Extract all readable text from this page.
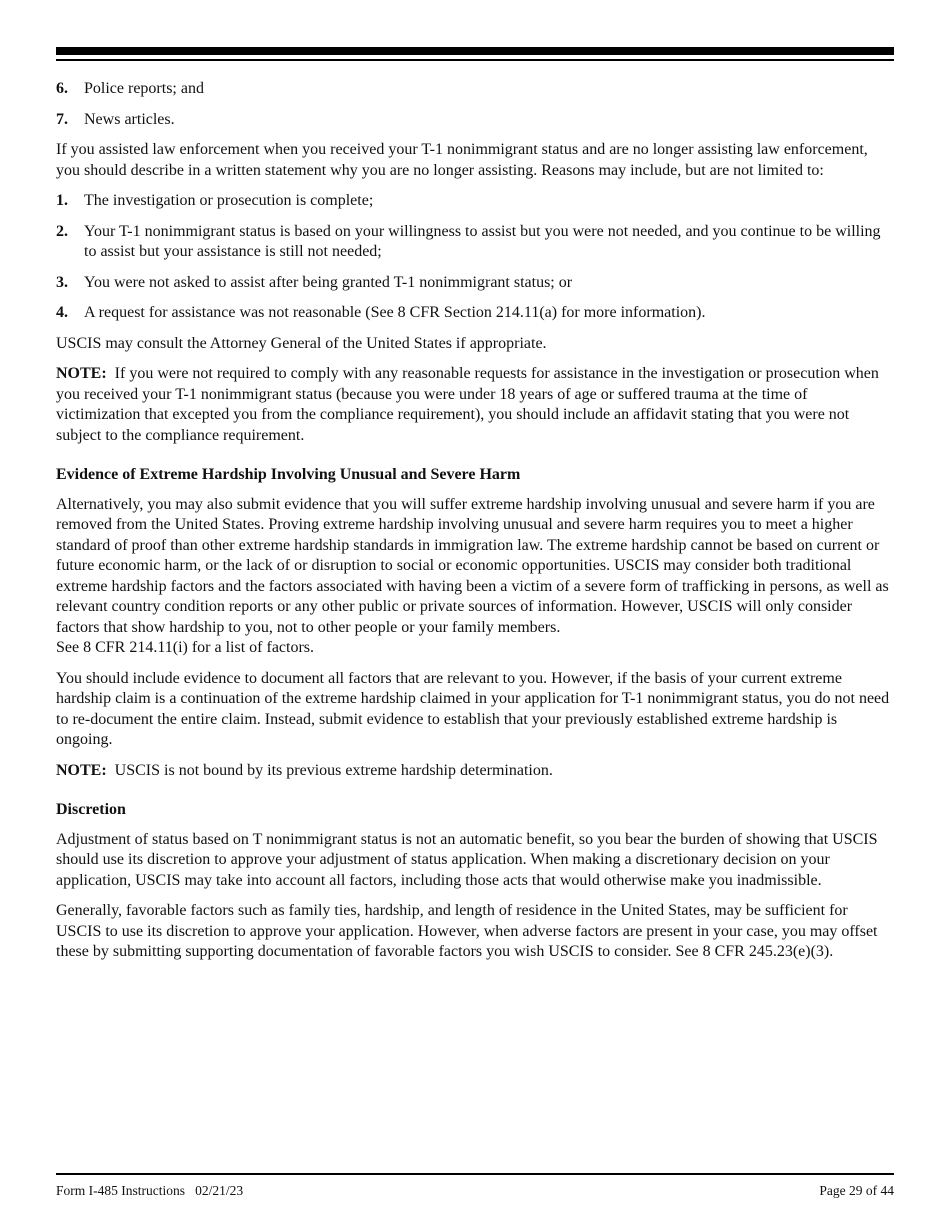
6.	Police reports; and
7.	News articles.

If you assisted law enforcement when you received your T-1 nonimmigrant status and are no longer assisting law enforcement, you should describe in a written statement why you are no longer assisting. Reasons may include, but are not limited to:

1.	The investigation or prosecution is complete;
2.	Your T-1 nonimmigrant status is based on your willingness to assist but you were not needed, and you continue to be willing to assist but your assistance is still not needed;
3.	You were not asked to assist after being granted T-1 nonimmigrant status; or
4.	A request for assistance was not reasonable (See 8 CFR Section 214.11(a) for more information).

USCIS may consult the Attorney General of the United States if appropriate.

NOTE:  If you were not required to comply with any reasonable requests for assistance in the investigation or prosecution when you received your T-1 nonimmigrant status (because you were under 18 years of age or suffered trauma at the time of victimization that excepted you from the compliance requirement), you should include an affidavit stating that you were not subject to the compliance requirement.

Evidence of Extreme Hardship Involving Unusual and Severe Harm

Alternatively, you may also submit evidence that you will suffer extreme hardship involving unusual and severe harm if you are removed from the United States. Proving extreme hardship involving unusual and severe harm requires you to meet a higher standard of proof than other extreme hardship standards in immigration law. The extreme hardship cannot be based on current or future economic harm, or the lack of or disruption to social or economic opportunities. USCIS may consider both traditional extreme hardship factors and the factors associated with having been a victim of a severe form of trafficking in persons, as well as relevant country condition reports or any other public or private sources of information. However, USCIS will only consider factors that show hardship to you, not to other people or your family members.
See 8 CFR 214.11(i) for a list of factors.

You should include evidence to document all factors that are relevant to you. However, if the basis of your current extreme hardship claim is a continuation of the extreme hardship claimed in your application for T-1 nonimmigrant status, you do not need to re-document the entire claim. Instead, submit evidence to establish that your previously established extreme hardship is ongoing.

NOTE:  USCIS is not bound by its previous extreme hardship determination.

Discretion

Adjustment of status based on T nonimmigrant status is not an automatic benefit, so you bear the burden of showing that USCIS should use its discretion to approve your adjustment of status application. When making a discretionary decision on your application, USCIS may take into account all factors, including those acts that would otherwise make you inadmissible.

Generally, favorable factors such as family ties, hardship, and length of residence in the United States, may be sufficient for USCIS to use its discretion to approve your application. However, when adverse factors are present in your case, you may offset these by submitting supporting documentation of favorable factors you wish USCIS to consider. See 8 CFR 245.23(e)(3).

Form I-485 Instructions   02/21/23	Page 29 of 44
